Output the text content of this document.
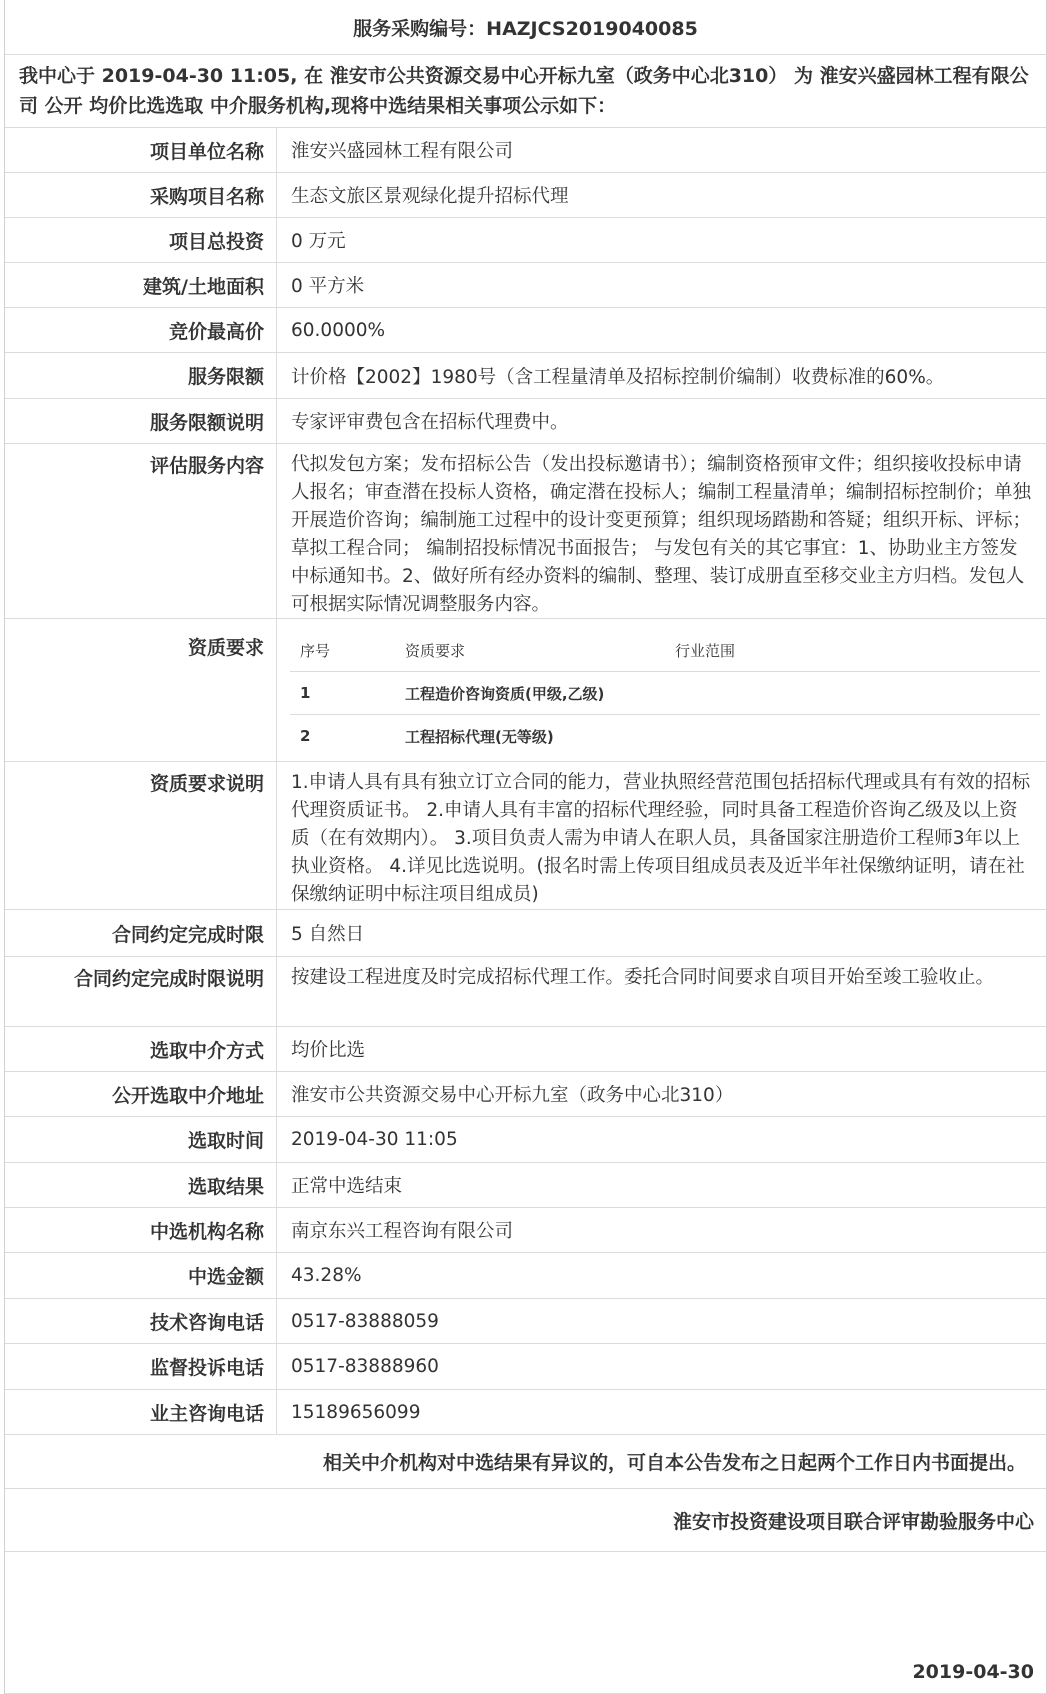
服务采购编号：HAZJCS2019040085
我中心于 2019-04-30 11:05, 在 淮安市公共资源交易中心开标九室（政务中心北310） 为 淮安兴盛园林工程有限公司 公开 均价比选选取 中介服务机构,现将中选结果相关事项公示如下：
项目单位名称	淮安兴盛园林工程有限公司
采购项目名称	生态文旅区景观绿化提升招标代理
项目总投资	0 万元
建筑/土地面积	0 平方米
竞价最高价	60.0000%
服务限额	计价格【2002】1980号（含工程量清单及招标控制价编制）收费标准的60%。
服务限额说明	专家评审费包含在招标代理费中。
评估服务内容	代拟发包方案；发布招标公告（发出投标邀请书）；编制资格预审文件；组织接收投标申请人报名；审查潜在投标人资格，确定潜在投标人；编制工程量清单；编制招标控制价；单独开展造价咨询；编制施工过程中的设计变更预算；组织现场踏勘和答疑；组织开标、评标；草拟工程合同； 编制招投标情况书面报告； 与发包有关的其它事宜：1、协助业主方签发中标通知书。2、做好所有经办资料的编制、整理、装订成册直至移交业主方归档。发包人可根据实际情况调整服务内容。
资质要求	序号	资质要求	行业范围
1	工程造价咨询资质(甲级,乙级)	
2	工程招标代理(无等级)	
资质要求说明	1.申请人具有具有独立订立合同的能力，营业执照经营范围包括招标代理或具有有效的招标代理资质证书。 2.申请人具有丰富的招标代理经验，同时具备工程造价咨询乙级及以上资质（在有效期内）。 3.项目负责人需为申请人在职人员，具备国家注册造价工程师3年以上执业资格。 4.详见比选说明。(报名时需上传项目组成员表及近半年社保缴纳证明，请在社保缴纳证明中标注项目组成员)
合同约定完成时限	5 自然日
合同约定完成时限说明	按建设工程进度及时完成招标代理工作。委托合同时间要求自项目开始至竣工验收止。
选取中介方式	均价比选
公开选取中介地址	淮安市公共资源交易中心开标九室（政务中心北310）
选取时间	2019-04-30 11:05
选取结果	正常中选结束
中选机构名称	南京东兴工程咨询有限公司
中选金额	43.28%
技术咨询电话	0517-83888059
监督投诉电话	0517-83888960
业主咨询电话	15189656099
相关中介机构对中选结果有异议的，可自本公告发布之日起两个工作日内书面提出。
淮安市投资建设项目联合评审勘验服务中心
2019-04-30
